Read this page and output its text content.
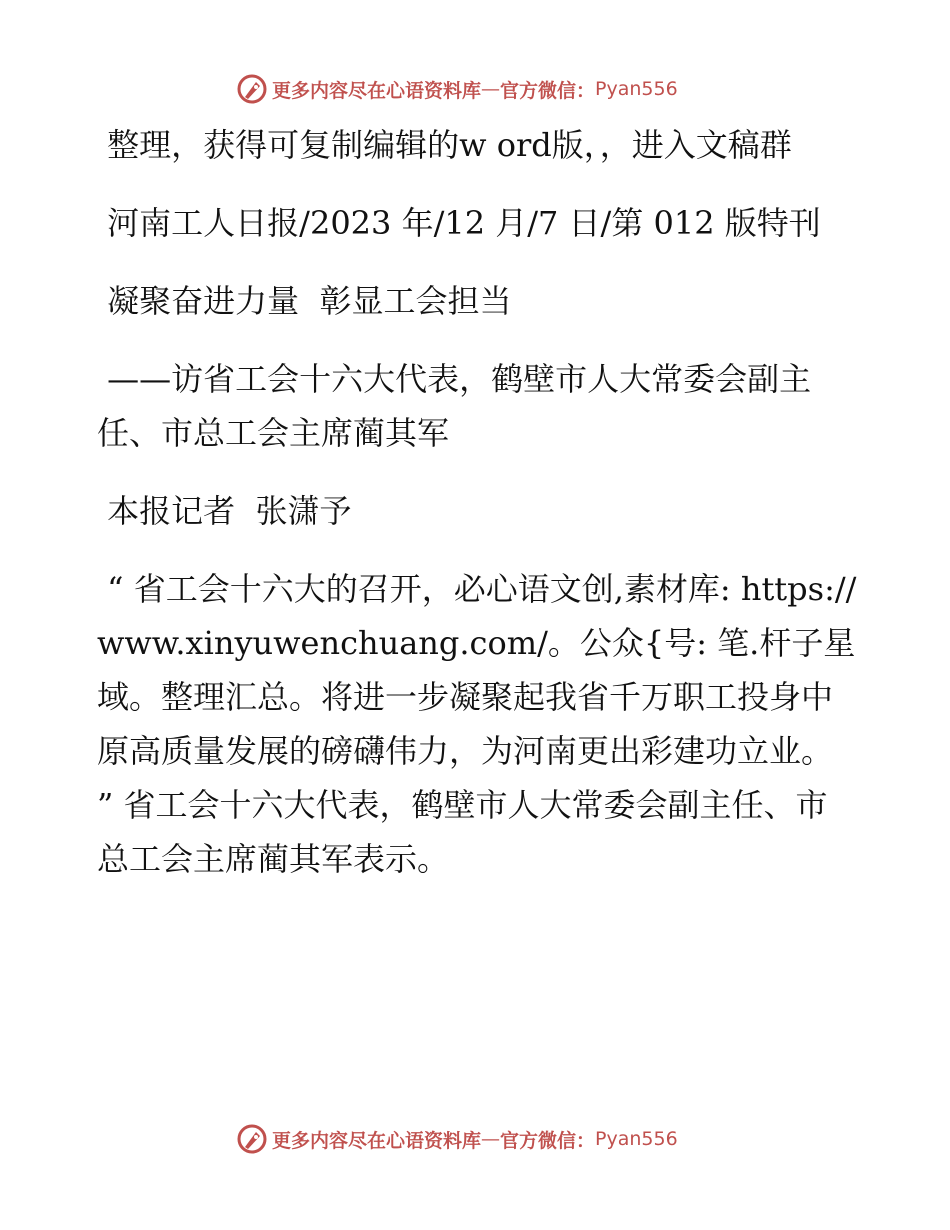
更多内容尽在心语资料库 — 官方微信： Pyan556

整理，获得可复制编辑的w ord版，，进入文稿群

河南工人日报/2023 年/12 月/7 日/第 012 版特刊

凝聚奋进力量  彰显工会担当

——访省工会十六大代表，鹤壁市人大常委会副主任、市总工会主席蔺其军

本报记者  张潇予

“ 省工会十六大的召开，必心语文创,素材库: https://www.xinyuwenchuang.com/。公众{号: 笔.杆子星域。整理汇总。将进一步凝聚起我省千万职工投身中原高质量发展的磅礴伟力，为河南更出彩建功立业。 ” 省工会十六大代表，鹤壁市人大常委会副主任、市总工会主席蔺其军表示。

更多内容尽在心语资料库 — 官方微信： Pyan556
